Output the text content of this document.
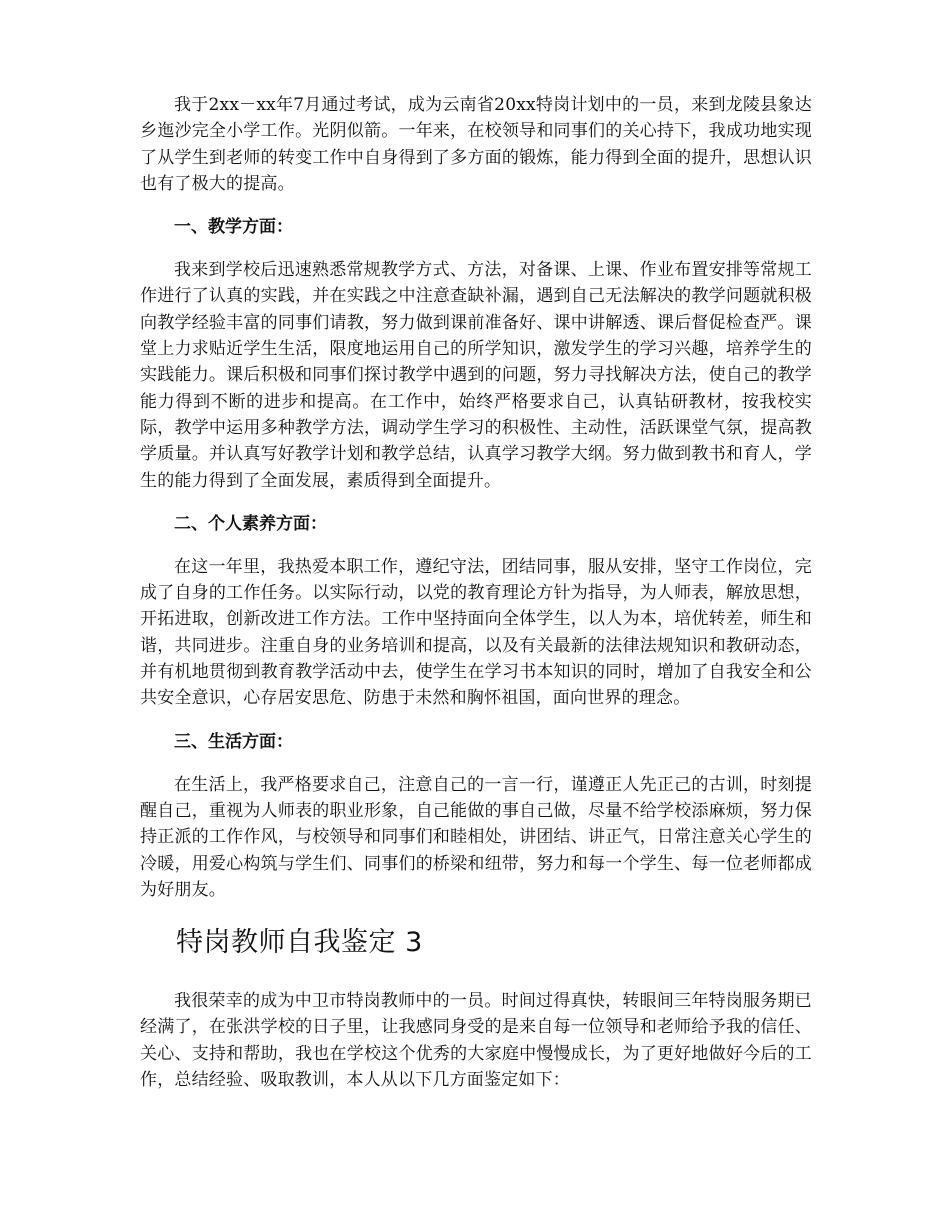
我于2xx－xx年7月通过考试，成为云南省20xx特岗计划中的一员，来到龙陵县象达乡迤沙完全小学工作。光阴似箭。一年来，在校领导和同事们的关心持下，我成功地实现了从学生到老师的转变工作中自身得到了多方面的锻炼，能力得到全面的提升，思想认识也有了极大的提高。

一、教学方面：

我来到学校后迅速熟悉常规教学方式、方法，对备课、上课、作业布置安排等常规工作进行了认真的实践，并在实践之中注意查缺补漏，遇到自己无法解决的教学问题就积极向教学经验丰富的同事们请教，努力做到课前准备好、课中讲解透、课后督促检查严。课堂上力求贴近学生生活，限度地运用自己的所学知识，激发学生的学习兴趣，培养学生的实践能力。课后积极和同事们探讨教学中遇到的问题，努力寻找解决方法，使自己的教学能力得到不断的进步和提高。在工作中，始终严格要求自己，认真钻研教材，按我校实际，教学中运用多种教学方法，调动学生学习的积极性、主动性，活跃课堂气氛，提高教学质量。并认真写好教学计划和教学总结，认真学习教学大纲。努力做到教书和育人，学生的能力得到了全面发展，素质得到全面提升。

二、个人素养方面：

在这一年里，我热爱本职工作，遵纪守法，团结同事，服从安排，坚守工作岗位，完成了自身的工作任务。以实际行动，以党的教育理论方针为指导，为人师表，解放思想，开拓进取，创新改进工作方法。工作中坚持面向全体学生，以人为本，培优转差，师生和谐，共同进步。注重自身的业务培训和提高，以及有关最新的法律法规知识和教研动态，并有机地贯彻到教育教学活动中去，使学生在学习书本知识的同时，增加了自我安全和公共安全意识，心存居安思危、防患于未然和胸怀祖国，面向世界的理念。

三、生活方面：

在生活上，我严格要求自己，注意自己的一言一行，谨遵正人先正己的古训，时刻提醒自己，重视为人师表的职业形象，自己能做的事自己做，尽量不给学校添麻烦，努力保持正派的工作作风，与校领导和同事们和睦相处，讲团结、讲正气，日常注意关心学生的冷暖，用爱心构筑与学生们、同事们的桥梁和纽带，努力和每一个学生、每一位老师都成为好朋友。

特岗教师自我鉴定 3

我很荣幸的成为中卫市特岗教师中的一员。时间过得真快，转眼间三年特岗服务期已经满了，在张洪学校的日子里，让我感同身受的是来自每一位领导和老师给予我的信任、关心、支持和帮助，我也在学校这个优秀的大家庭中慢慢成长，为了更好地做好今后的工作，总结经验、吸取教训，本人从以下几方面鉴定如下：
